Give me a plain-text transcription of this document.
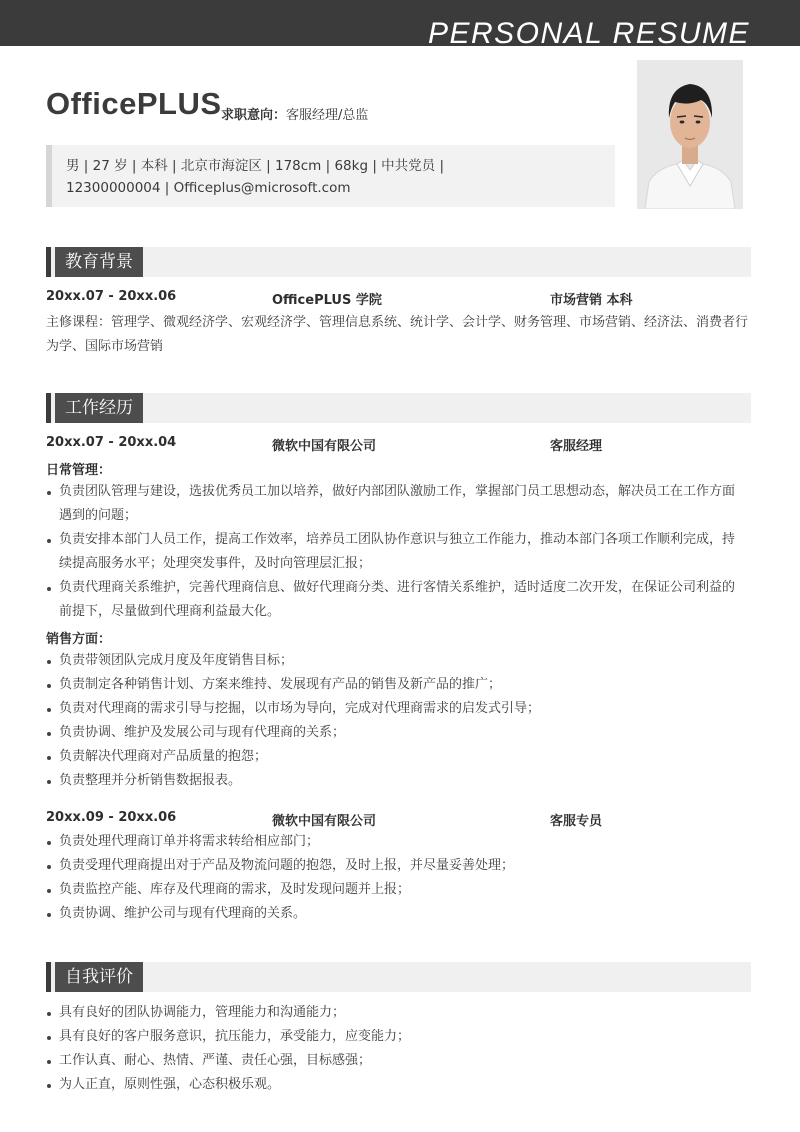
PERSONAL RESUME
OfficePLUS 求职意向：客服经理/总监
男 | 27 岁 | 本科 | 北京市海淀区 | 178cm | 68kg | 中共党员 |
12300000004 | Officeplus@microsoft.com
教育背景
20xx.07 - 20xx.06	OfficePLUS 学院	市场营销 本科
主修课程：管理学、微观经济学、宏观经济学、管理信息系统、统计学、会计学、财务管理、市场营销、经济法、消费者行为学、国际市场营销
工作经历
20xx.07 - 20xx.04	微软中国有限公司	客服经理
日常管理：
负责团队管理与建设，选拔优秀员工加以培养，做好内部团队激励工作，掌握部门员工思想动态，解决员工在工作方面遇到的问题；
负责安排本部门人员工作，提高工作效率，培养员工团队协作意识与独立工作能力，推动本部门各项工作顺利完成，持续提高服务水平；处理突发事件，及时向管理层汇报；
负责代理商关系维护，完善代理商信息、做好代理商分类、进行客情关系维护，适时适度二次开发，在保证公司利益的前提下，尽量做到代理商利益最大化。
销售方面：
负责带领团队完成月度及年度销售目标；
负责制定各种销售计划、方案来维持、发展现有产品的销售及新产品的推广；
负责对代理商的需求引导与挖掘，以市场为导向，完成对代理商需求的启发式引导；
负责协调、维护及发展公司与现有代理商的关系；
负责解决代理商对产品质量的抱怨；
负责整理并分析销售数据报表。
20xx.09 - 20xx.06	微软中国有限公司	客服专员
负责处理代理商订单并将需求转给相应部门；
负责受理代理商提出对于产品及物流问题的抱怨，及时上报，并尽量妥善处理；
负责监控产能、库存及代理商的需求，及时发现问题并上报；
负责协调、维护公司与现有代理商的关系。
自我评价
具有良好的团队协调能力，管理能力和沟通能力；
具有良好的客户服务意识，抗压能力，承受能力，应变能力；
工作认真、耐心、热情、严谨、责任心强，目标感强；
为人正直，原则性强，心态积极乐观。
